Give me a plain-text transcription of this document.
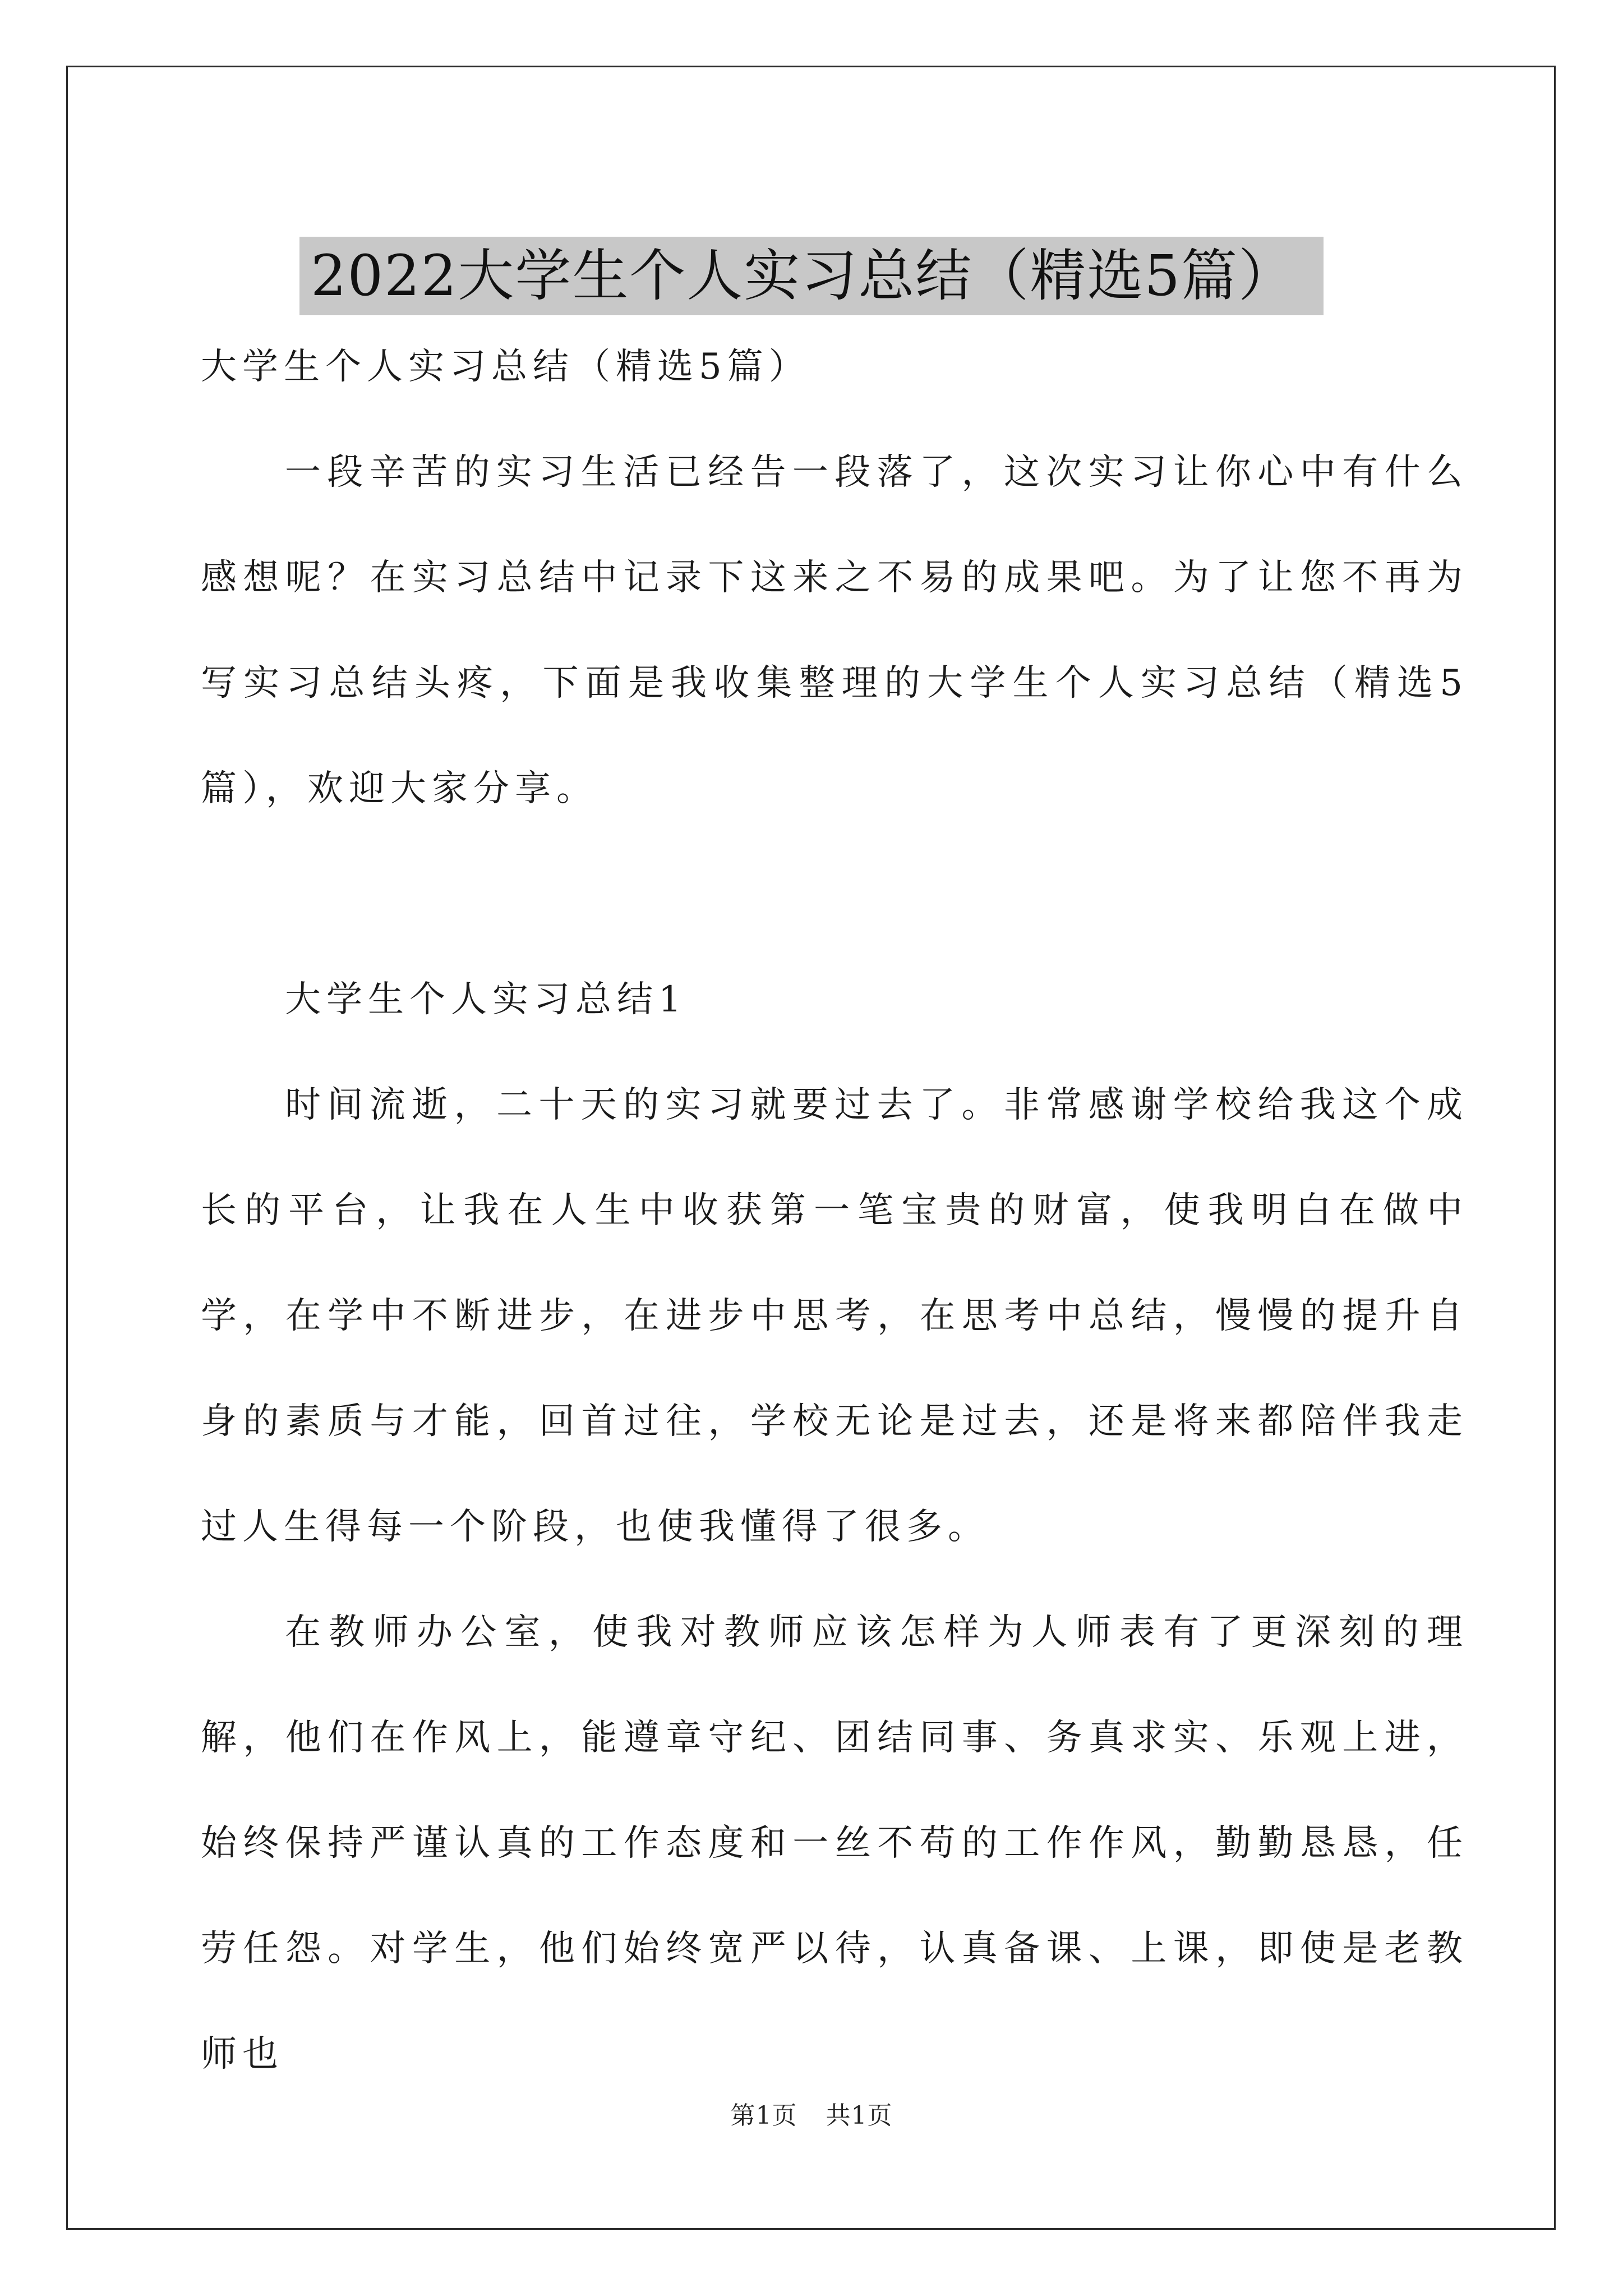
2022大学生个人实习总结（精选5篇）

大学生个人实习总结（精选5篇）

一段辛苦的实习生活已经告一段落了，这次实习让你心中有什么感想呢？在实习总结中记录下这来之不易的成果吧。为了让您不再为写实习总结头疼，下面是我收集整理的大学生个人实习总结（精选5篇），欢迎大家分享。

大学生个人实习总结1

时间流逝，二十天的实习就要过去了。非常感谢学校给我这个成长的平台，让我在人生中收获第一笔宝贵的财富，使我明白在做中学，在学中不断进步，在进步中思考，在思考中总结，慢慢的提升自身的素质与才能，回首过往，学校无论是过去，还是将来都陪伴我走过人生得每一个阶段，也使我懂得了很多。

在教师办公室，使我对教师应该怎样为人师表有了更深刻的理解，他们在作风上，能遵章守纪、团结同事、务真求实、乐观上进，始终保持严谨认真的工作态度和一丝不苟的工作作风，勤勤恳恳，任劳任怨。对学生，他们始终宽严以待，认真备课、上课，即使是老教师也

第1页 共1页
